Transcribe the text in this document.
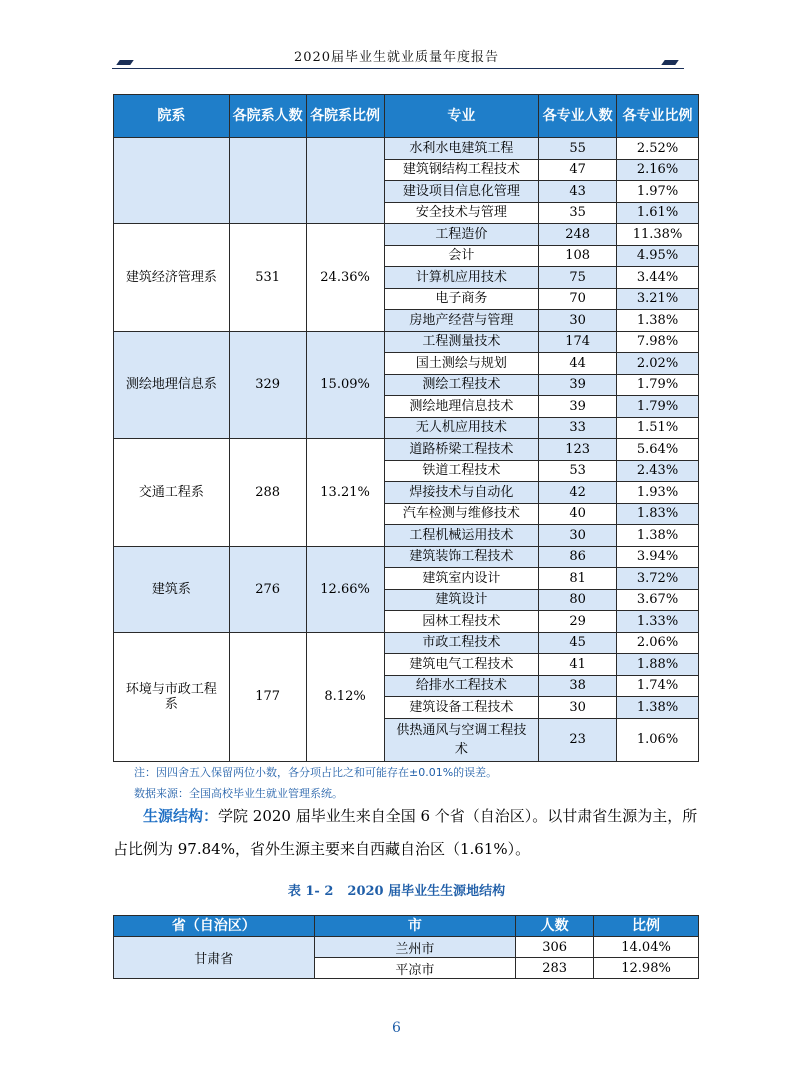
2020届毕业生就业质量年度报告
院系	各院系人数	各院系比例	专业	各专业人数	各专业比例
			水利水电建筑工程	55	2.52%
			建筑钢结构工程技术	47	2.16%
			建设项目信息化管理	43	1.97%
			安全技术与管理	35	1.61%
建筑经济管理系	531	24.36%	工程造价	248	11.38%
			会计	108	4.95%
			计算机应用技术	75	3.44%
			电子商务	70	3.21%
			房地产经营与管理	30	1.38%
测绘地理信息系	329	15.09%	工程测量技术	174	7.98%
			国土测绘与规划	44	2.02%
			测绘工程技术	39	1.79%
			测绘地理信息技术	39	1.79%
			无人机应用技术	33	1.51%
交通工程系	288	13.21%	道路桥梁工程技术	123	5.64%
			铁道工程技术	53	2.43%
			焊接技术与自动化	42	1.93%
			汽车检测与维修技术	40	1.83%
			工程机械运用技术	30	1.38%
建筑系	276	12.66%	建筑装饰工程技术	86	3.94%
			建筑室内设计	81	3.72%
			建筑设计	80	3.67%
			园林工程技术	29	1.33%
环境与市政工程系	177	8.12%	市政工程技术	45	2.06%
			建筑电气工程技术	41	1.88%
			给排水工程技术	38	1.74%
			建筑设备工程技术	30	1.38%
			供热通风与空调工程技术	23	1.06%
注：因四舍五入保留两位小数，各分项占比之和可能存在±0.01%的误差。
数据来源：全国高校毕业生就业管理系统。
生源结构：学院 2020 届毕业生来自全国 6 个省（自治区）。以甘肃省生源为主，所占比例为 97.84%，省外生源主要来自西藏自治区（1.61%）。
表 1- 2 2020 届毕业生生源地结构
省（自治区）	市	人数	比例
甘肃省	兰州市	306	14.04%
	平凉市	283	12.98%
6
